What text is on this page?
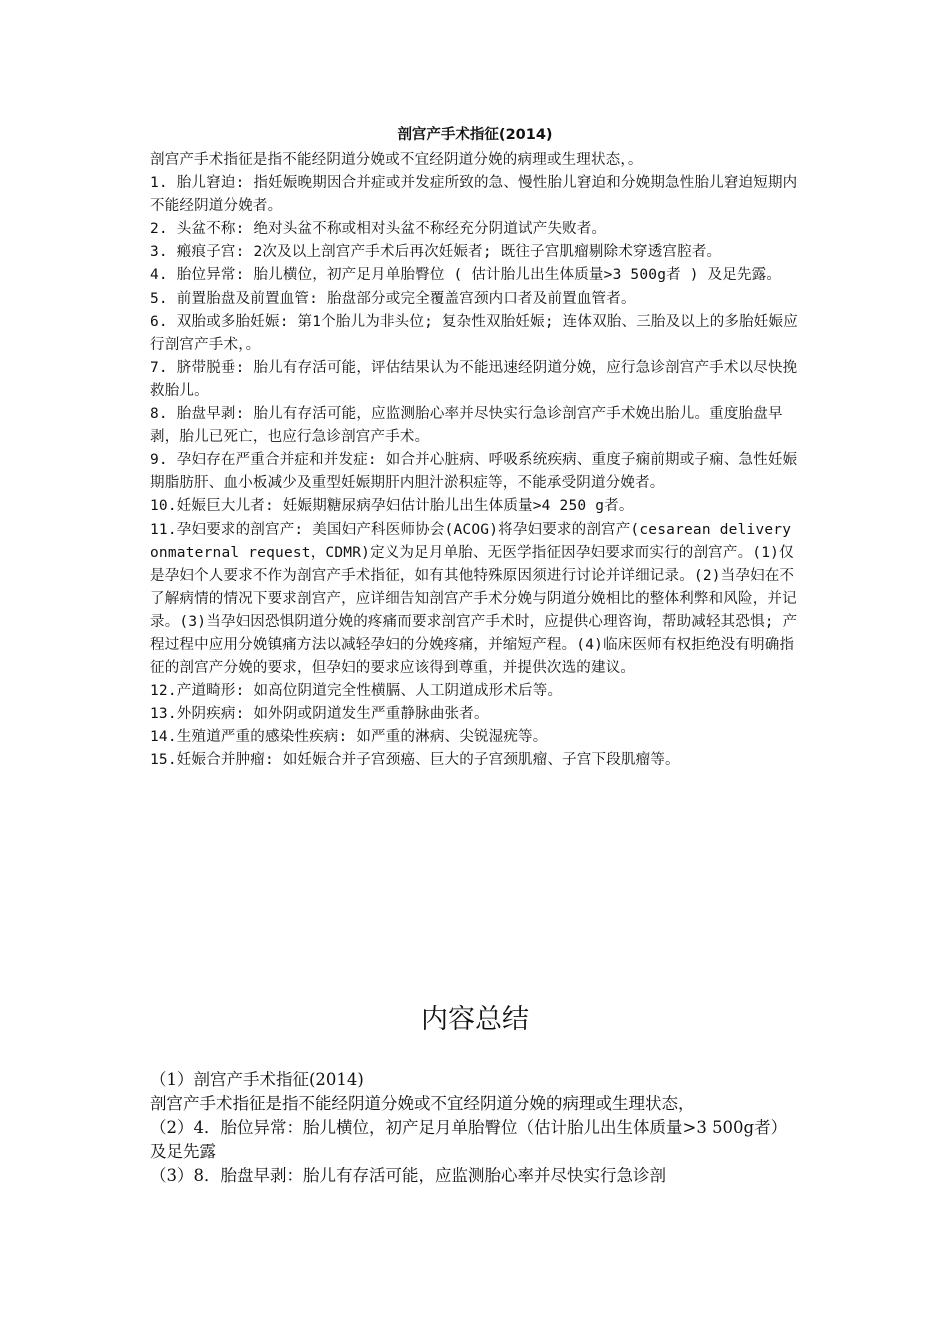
剖宫产手术指征(2014)

剖宫产手术指征是指不能经阴道分娩或不宜经阴道分娩的病理或生理状态，。

1. 胎儿窘迫: 指妊娠晚期因合并症或并发症所致的急、慢性胎儿窘迫和分娩期急性胎儿窘迫短期内不能经阴道分娩者。

2. 头盆不称: 绝对头盆不称或相对头盆不称经充分阴道试产失败者。

3. 瘢痕子宫: 2次及以上剖宫产手术后再次妊娠者; 既往子宫肌瘤剔除术穿透宫腔者。

4. 胎位异常: 胎儿横位，初产足月单胎臀位 ( 估计胎儿出生体质量>3 500g者 ) 及足先露。

5. 前置胎盘及前置血管: 胎盘部分或完全覆盖宫颈内口者及前置血管者。

6. 双胎或多胎妊娠: 第1个胎儿为非头位; 复杂性双胎妊娠; 连体双胎、三胎及以上的多胎妊娠应行剖宫产手术，。

7. 脐带脱垂: 胎儿有存活可能，评估结果认为不能迅速经阴道分娩，应行急诊剖宫产手术以尽快挽救胎儿。

8. 胎盘早剥: 胎儿有存活可能，应监测胎心率并尽快实行急诊剖宫产手术娩出胎儿。重度胎盘早剥，胎儿已死亡，也应行急诊剖宫产手术。

9. 孕妇存在严重合并症和并发症: 如合并心脏病、呼吸系统疾病、重度子痫前期或子痫、急性妊娠期脂肪肝、血小板减少及重型妊娠期肝内胆汁淤积症等，不能承受阴道分娩者。

10.妊娠巨大儿者: 妊娠期糖尿病孕妇估计胎儿出生体质量>4 250 g者。

11.孕妇要求的剖宫产: 美国妇产科医师协会(ACOG)将孕妇要求的剖宫产(cesarean delivery onmaternal request，CDMR)定义为足月单胎、无医学指征因孕妇要求而实行的剖宫产。(1)仅是孕妇个人要求不作为剖宫产手术指征，如有其他特殊原因须进行讨论并详细记录。(2)当孕妇在不了解病情的情况下要求剖宫产，应详细告知剖宫产手术分娩与阴道分娩相比的整体利弊和风险，并记录。(3)当孕妇因恐惧阴道分娩的疼痛而要求剖宫产手术时，应提供心理咨询，帮助减轻其恐惧; 产程过程中应用分娩镇痛方法以减轻孕妇的分娩疼痛，并缩短产程。(4)临床医师有权拒绝没有明确指征的剖宫产分娩的要求，但孕妇的要求应该得到尊重，并提供次选的建议。

12.产道畸形: 如高位阴道完全性横膈、人工阴道成形术后等。

13.外阴疾病: 如外阴或阴道发生严重静脉曲张者。

14.生殖道严重的感染性疾病: 如严重的淋病、尖锐湿疣等。

15.妊娠合并肿瘤: 如妊娠合并子宫颈癌、巨大的子宫颈肌瘤、子宫下段肌瘤等。

内容总结

（1）剖宫产手术指征(2014)

剖宫产手术指征是指不能经阴道分娩或不宜经阴道分娩的病理或生理状态，

（2）4．胎位异常：胎儿横位，初产足月单胎臀位（估计胎儿出生体质量>3 500g者）及足先露

（3）8．胎盘早剥：胎儿有存活可能，应监测胎心率并尽快实行急诊剖
